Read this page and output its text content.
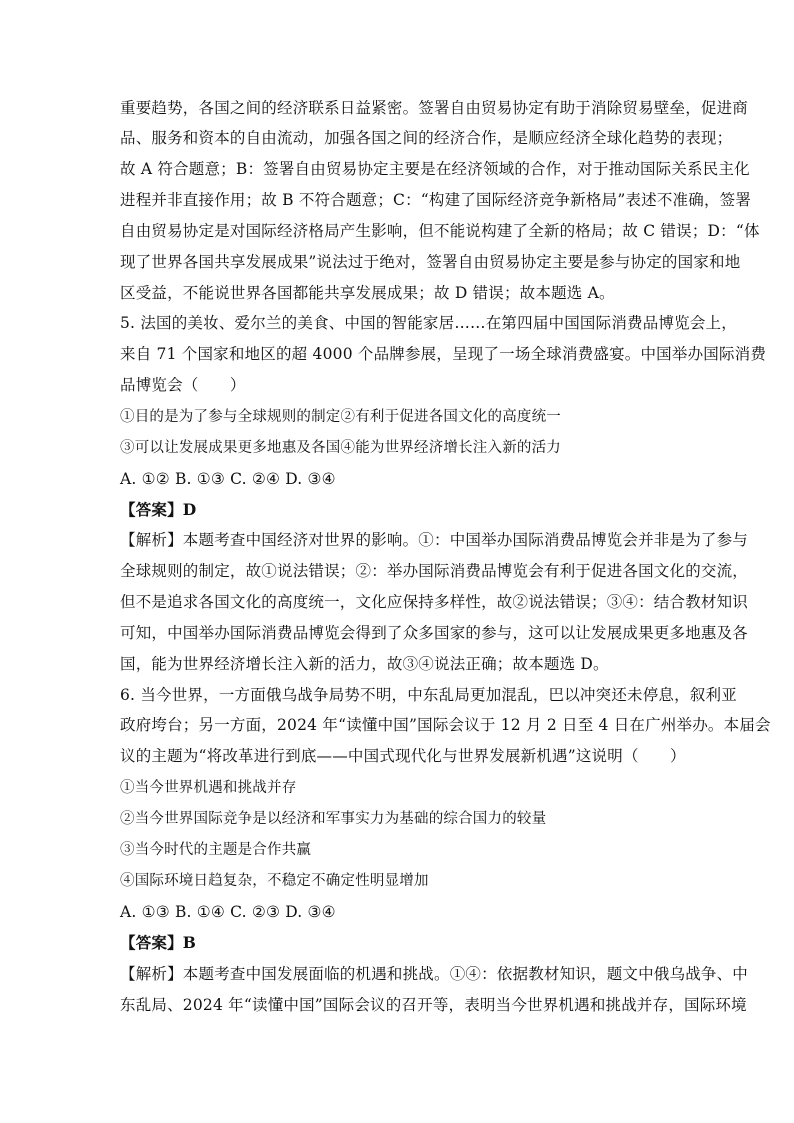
重要趋势，各国之间的经济联系日益紧密。签署自由贸易协定有助于消除贸易壁垒，促进商
品、服务和资本的自由流动，加强各国之间的经济合作，是顺应经济全球化趋势的表现；
故 A 符合题意；B：签署自由贸易协定主要是在经济领域的合作，对于推动国际关系民主化
进程并非直接作用；故 B 不符合题意；C：“构建了国际经济竞争新格局”表述不准确，签署
自由贸易协定是对国际经济格局产生影响，但不能说构建了全新的格局；故 C 错误；D：“体
现了世界各国共享发展成果”说法过于绝对，签署自由贸易协定主要是参与协定的国家和地
区受益，不能说世界各国都能共享发展成果；故 D 错误；故本题选 A。
5. 法国的美妆、爱尔兰的美食、中国的智能家居……在第四届中国国际消费品博览会上，
来自 71 个国家和地区的超 4000 个品牌参展，呈现了一场全球消费盛宴。中国举办国际消费
品博览会（　　）
①目的是为了参与全球规则的制定②有利于促进各国文化的高度统一
③可以让发展成果更多地惠及各国④能为世界经济增长注入新的活力
A. ①② B. ①③ C. ②④ D. ③④
【答案】D
【解析】本题考查中国经济对世界的影响。①：中国举办国际消费品博览会并非是为了参与
全球规则的制定，故①说法错误；②：举办国际消费品博览会有利于促进各国文化的交流，
但不是追求各国文化的高度统一，文化应保持多样性，故②说法错误；③④：结合教材知识
可知，中国举办国际消费品博览会得到了众多国家的参与，这可以让发展成果更多地惠及各
国，能为世界经济增长注入新的活力，故③④说法正确；故本题选 D。
6. 当今世界，一方面俄乌战争局势不明，中东乱局更加混乱，巴以冲突还未停息，叙利亚
政府垮台；另一方面，2024 年“读懂中国”国际会议于 12 月 2 日至 4 日在广州举办。本届会
议的主题为“将改革进行到底——中国式现代化与世界发展新机遇”这说明（　　）
①当今世界机遇和挑战并存
②当今世界国际竞争是以经济和军事实力为基础的综合国力的较量
③当今时代的主题是合作共赢
④国际环境日趋复杂，不稳定不确定性明显增加
A. ①③ B. ①④ C. ②③ D. ③④
【答案】B
【解析】本题考查中国发展面临的机遇和挑战。①④：依据教材知识，题文中俄乌战争、中
东乱局、2024 年“读懂中国”国际会议的召开等，表明当今世界机遇和挑战并存，国际环境
